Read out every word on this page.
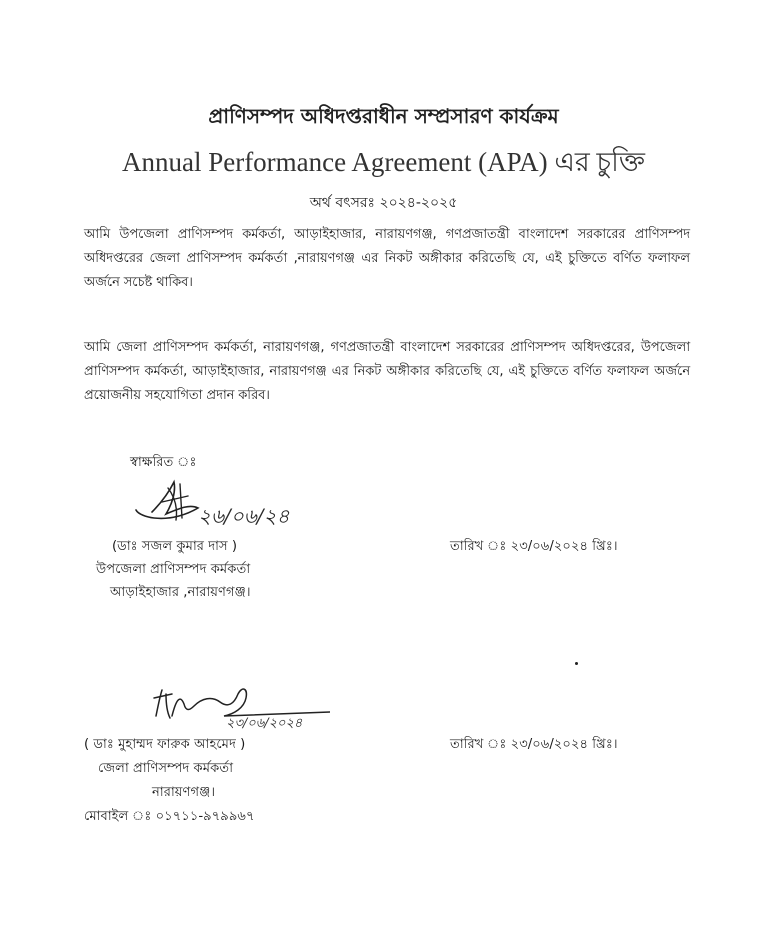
প্রাণিসম্পদ অধিদপ্তরাধীন সম্প্রসারণ কার্যক্রম
Annual Performance Agreement (APA) এর চুক্তি
অর্থ বৎসরঃ ২০২৪-২০২৫
আমি উপজেলা প্রাণিসম্পদ কর্মকর্তা, আড়াইহাজার, নারায়ণগঞ্জ, গণপ্রজাতন্ত্রী বাংলাদেশ সরকারের প্রাণিসম্পদ অধিদপ্তরের জেলা প্রাণিসম্পদ কর্মকর্তা ,নারায়ণগঞ্জ এর নিকট অঙ্গীকার করিতেছি যে, এই চুক্তিতে বর্ণিত ফলাফল অর্জনে সচেষ্ট থাকিব।
আমি জেলা প্রাণিসম্পদ কর্মকর্তা, নারায়ণগঞ্জ, গণপ্রজাতন্ত্রী বাংলাদেশ সরকারের প্রাণিসম্পদ অধিদপ্তরের, উপজেলা প্রাণিসম্পদ কর্মকর্তা, আড়াইহাজার, নারায়ণগঞ্জ এর নিকট অঙ্গীকার করিতেছি যে, এই চুক্তিতে বর্ণিত ফলাফল অর্জনে প্রয়োজনীয় সহযোগিতা প্রদান করিব।
স্বাক্ষরিত ঃ
২৬/০৬/২৪
(ডাঃ সজল কুমার দাস )
উপজেলা প্রাণিসম্পদ কর্মকর্তা
আড়াইহাজার ,নারায়ণগঞ্জ।
তারিখ ঃ ২৩/০৬/২০২৪ খ্রিঃ।
২৩/০৬/২০২৪
( ডাঃ মুহাম্মদ ফারুক আহমেদ )
জেলা প্রাণিসম্পদ কর্মকর্তা
নারায়ণগঞ্জ।
মোবাইল ঃ ০১৭১১-৯৭৯৯৬৭
তারিখ ঃ ২৩/০৬/২০২৪ খ্রিঃ।
